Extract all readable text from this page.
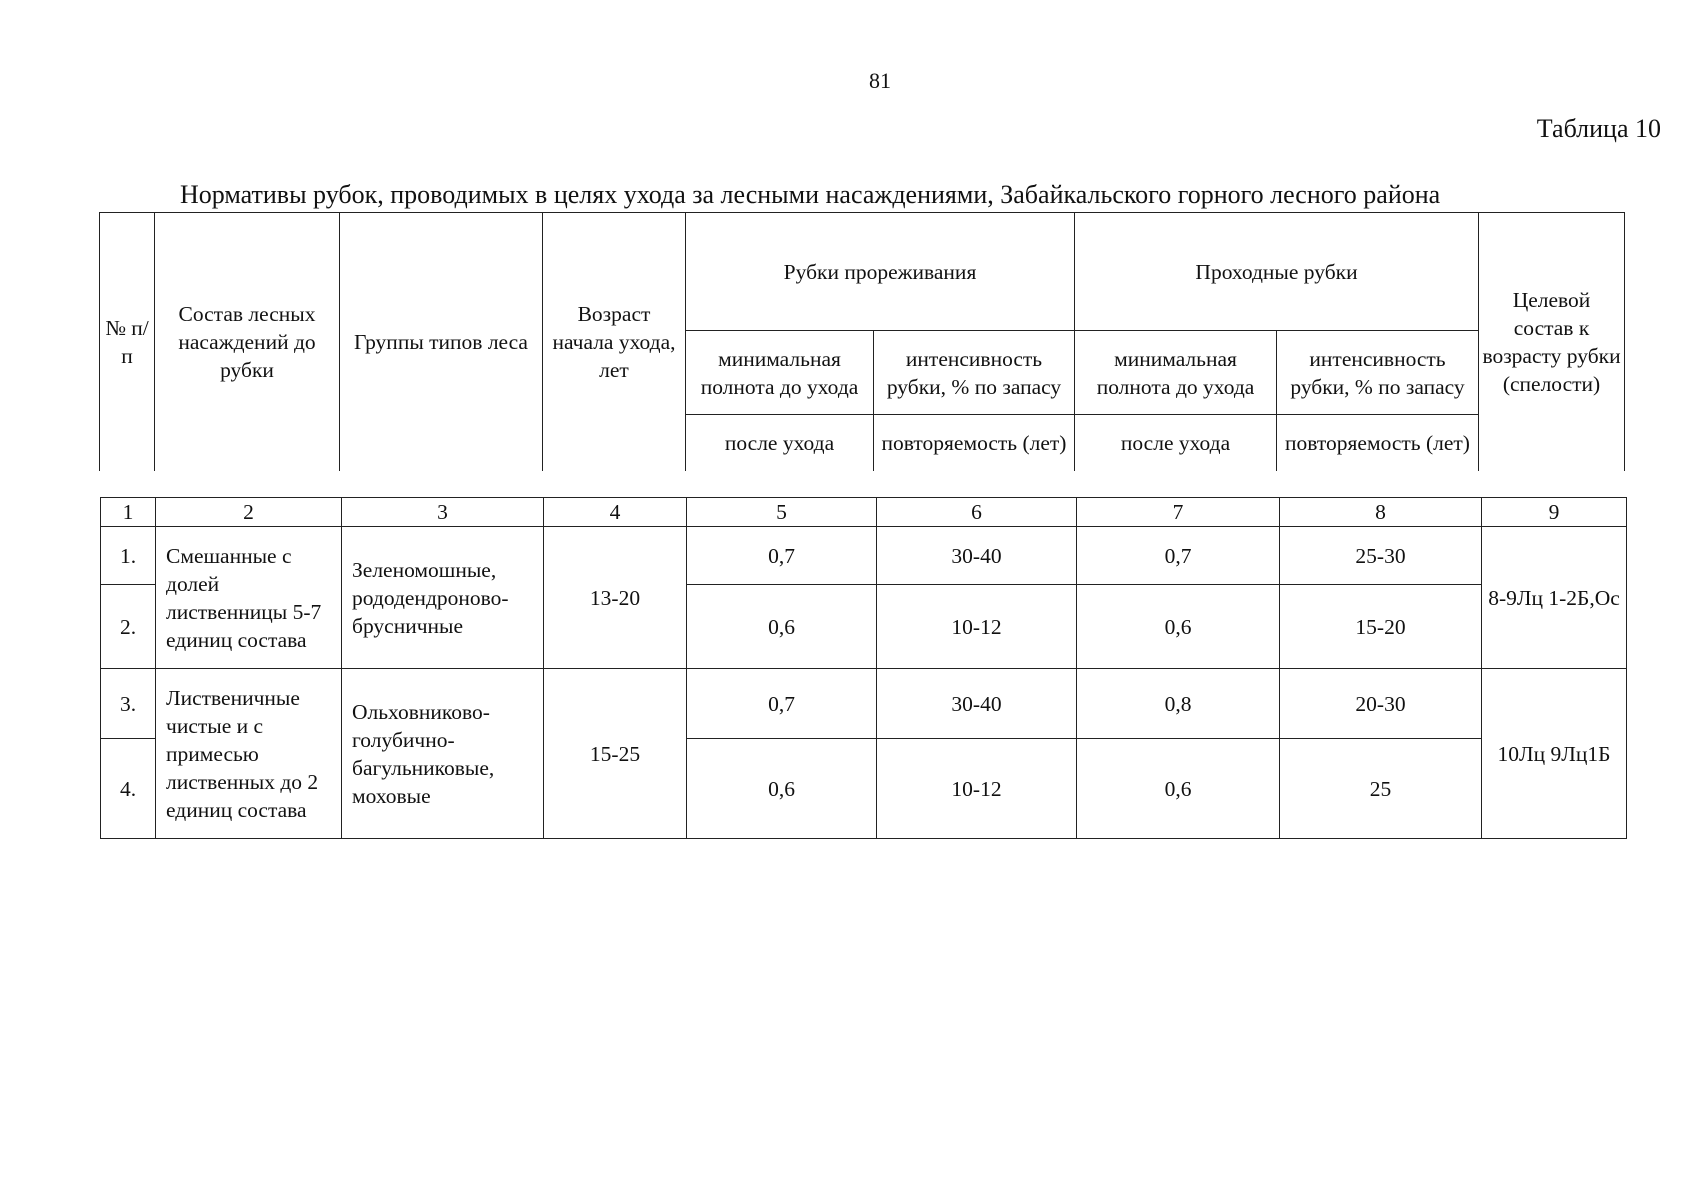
81
Таблица 10
Нормативы рубок, проводимых в целях ухода за лесными насаждениями, Забайкальского горного лесного района
№ п/п	Состав лесных насаждений до рубки	Группы типов леса	Возраст начала ухода, лет	Рубки прореживания		Проходные рубки		Целевой состав к возрасту рубки (спелости)
				минимальная полнота до ухода	интенсивность рубки, % по запасу	минимальная полнота до ухода	интенсивность рубки, % по запасу	
				после ухода	повторяемость (лет)	после ухода	повторяемость (лет)	
1	2	3	4	5	6	7	8	9
1.	Смешанные с долей лиственницы 5-7 единиц состава	Зеленомошные, рододендроново-брусничные	13-20	0,7	30-40	0,7	25-30	8-9Лц 1-2Б,Ос
2.				0,6	10-12	0,6	15-20	
3.	Лиственичные чистые и с примесью лиственных до 2 единиц состава	Ольховниково-голубично-багульниковые, моховые	15-25	0,7	30-40	0,8	20-30	10Лц 9Лц1Б
4.				0,6	10-12	0,6	25	
